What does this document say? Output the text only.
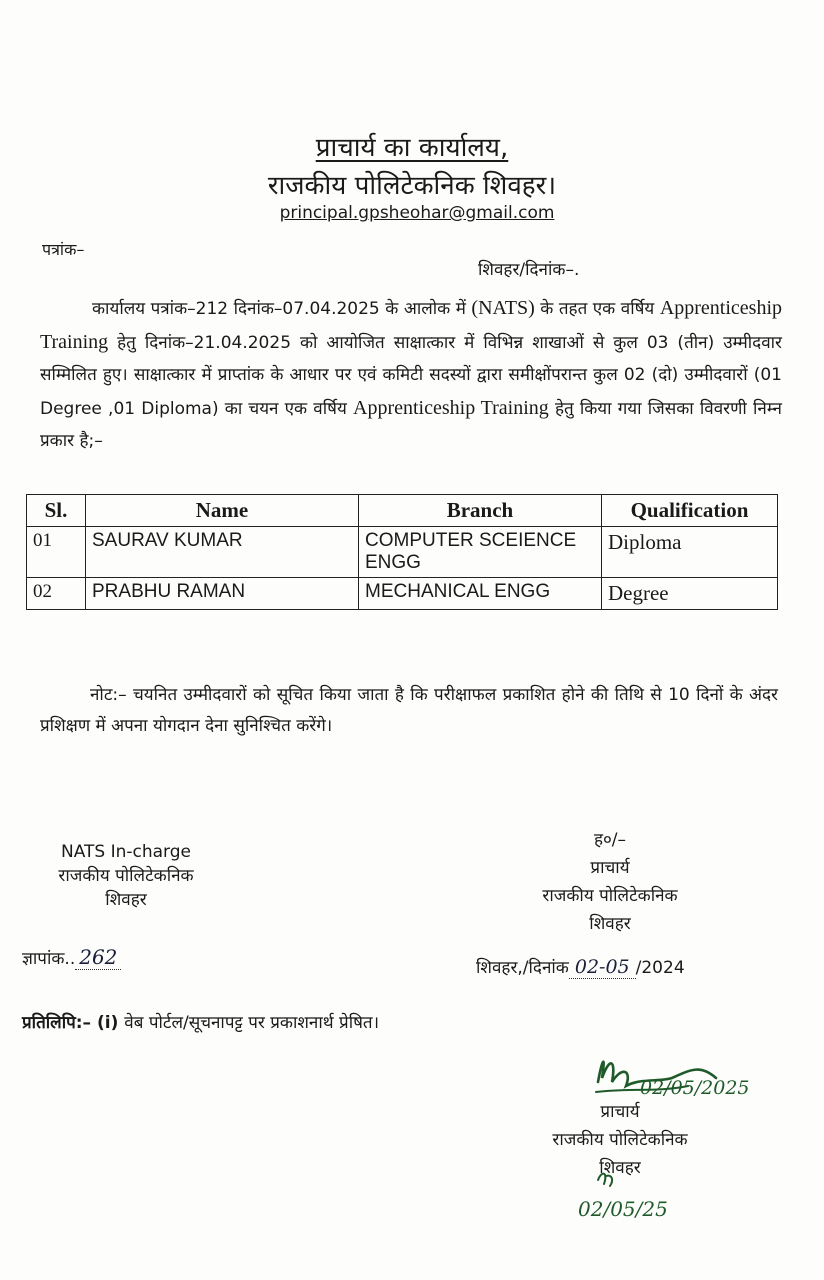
प्राचार्य का कार्यालय,
राजकीय पोलिटेकनिक शिवहर।
principal.gpsheohar@gmail.com
पत्रांक–
शिवहर/दिनांक–.

कार्यालय पत्रांक–212 दिनांक–07.04.2025 के आलोक में (NATS) के तहत एक वर्षिय Apprenticeship Training हेतु दिनांक–21.04.2025 को आयोजित साक्षात्कार में विभिन्न शाखाओं से कुल 03 (तीन) उम्मीदवार सम्मिलित हुए। साक्षात्कार में प्राप्तांक के आधार पर एवं कमिटी सदस्यों द्वारा समीक्षोंपरान्त कुल 02 (दो) उम्मीदवारों (01 Degree ,01 Diploma) का चयन एक वर्षिय Apprenticeship Training हेतु किया गया जिसका विवरणी निम्न प्रकार है;–

Sl.	Name	Branch	Qualification
01	SAURAV KUMAR	COMPUTER SCEIENCE ENGG	Diploma
02	PRABHU RAMAN	MECHANICAL ENGG	Degree
नोट:– चयनित उम्मीदवारों को सूचित किया जाता है कि परीक्षाफल प्रकाशित होने की तिथि से 10 दिनों के अंदर प्रशिक्षण में अपना योगदान देना सुनिश्चित करेंगे।
NATS In-charge
राजकीय पोलिटेकनिक
शिवहर
ह०/–
प्राचार्य
राजकीय पोलिटेकनिक
शिवहर
ज्ञापांक.. 262	शिवहर,/दिनांक 02-05 /2024
प्रतिलिपि:– (i) वेब पोर्टल/सूचनापट्ट पर प्रकाशनार्थ प्रेषित।
02/05/2025
प्राचार्य
राजकीय पोलिटेकनिक
शिवहर
02/05/25
